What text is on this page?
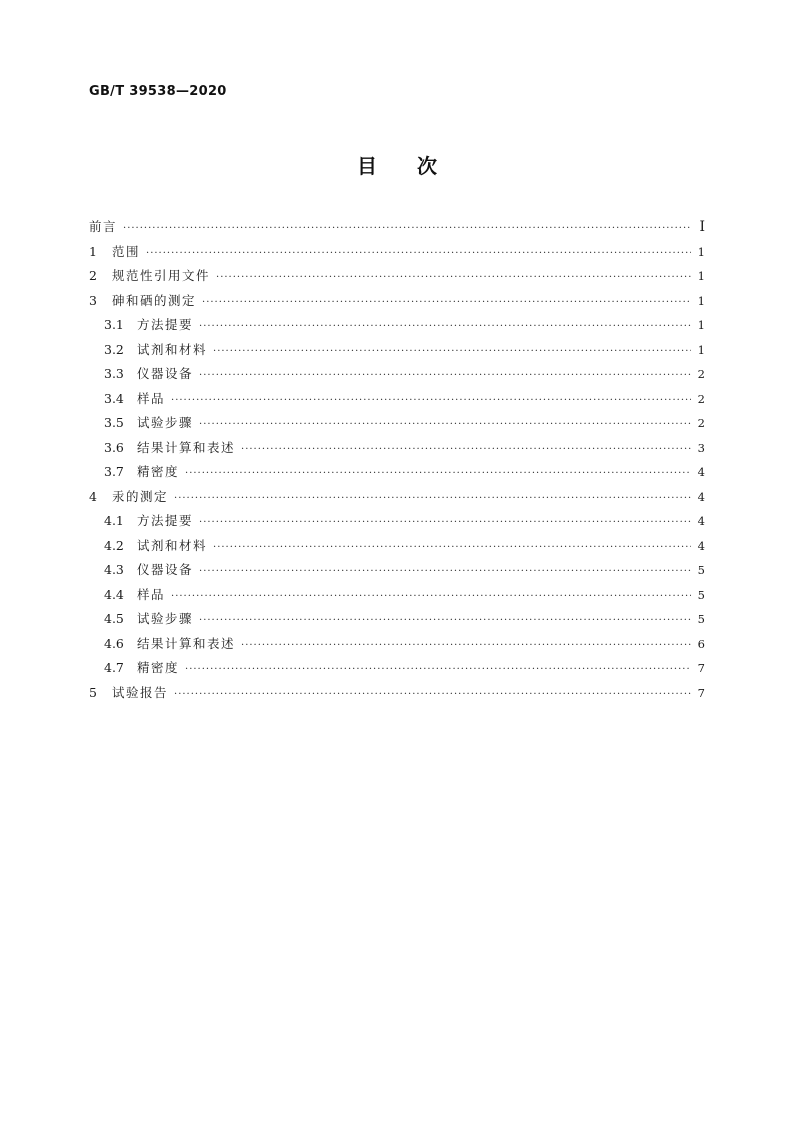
GB/T 39538—2020
目次
前言 ·····	I
1	范围 ·····	1
2	规范性引用文件 ·····	1
3	砷和硒的测定 ·····	1
3.1	方法提要 ·····	1
3.2	试剂和材料 ·····	1
3.3	仪器设备 ·····	2
3.4	样品 ·····	2
3.5	试验步骤 ·····	2
3.6	结果计算和表述 ·····	3
3.7	精密度 ·····	4
4	汞的测定 ·····	4
4.1	方法提要 ·····	4
4.2	试剂和材料 ·····	4
4.3	仪器设备 ·····	5
4.4	样品 ·····	5
4.5	试验步骤 ·····	5
4.6	结果计算和表述 ·····	6
4.7	精密度 ·····	7
5	试验报告 ·····	7
